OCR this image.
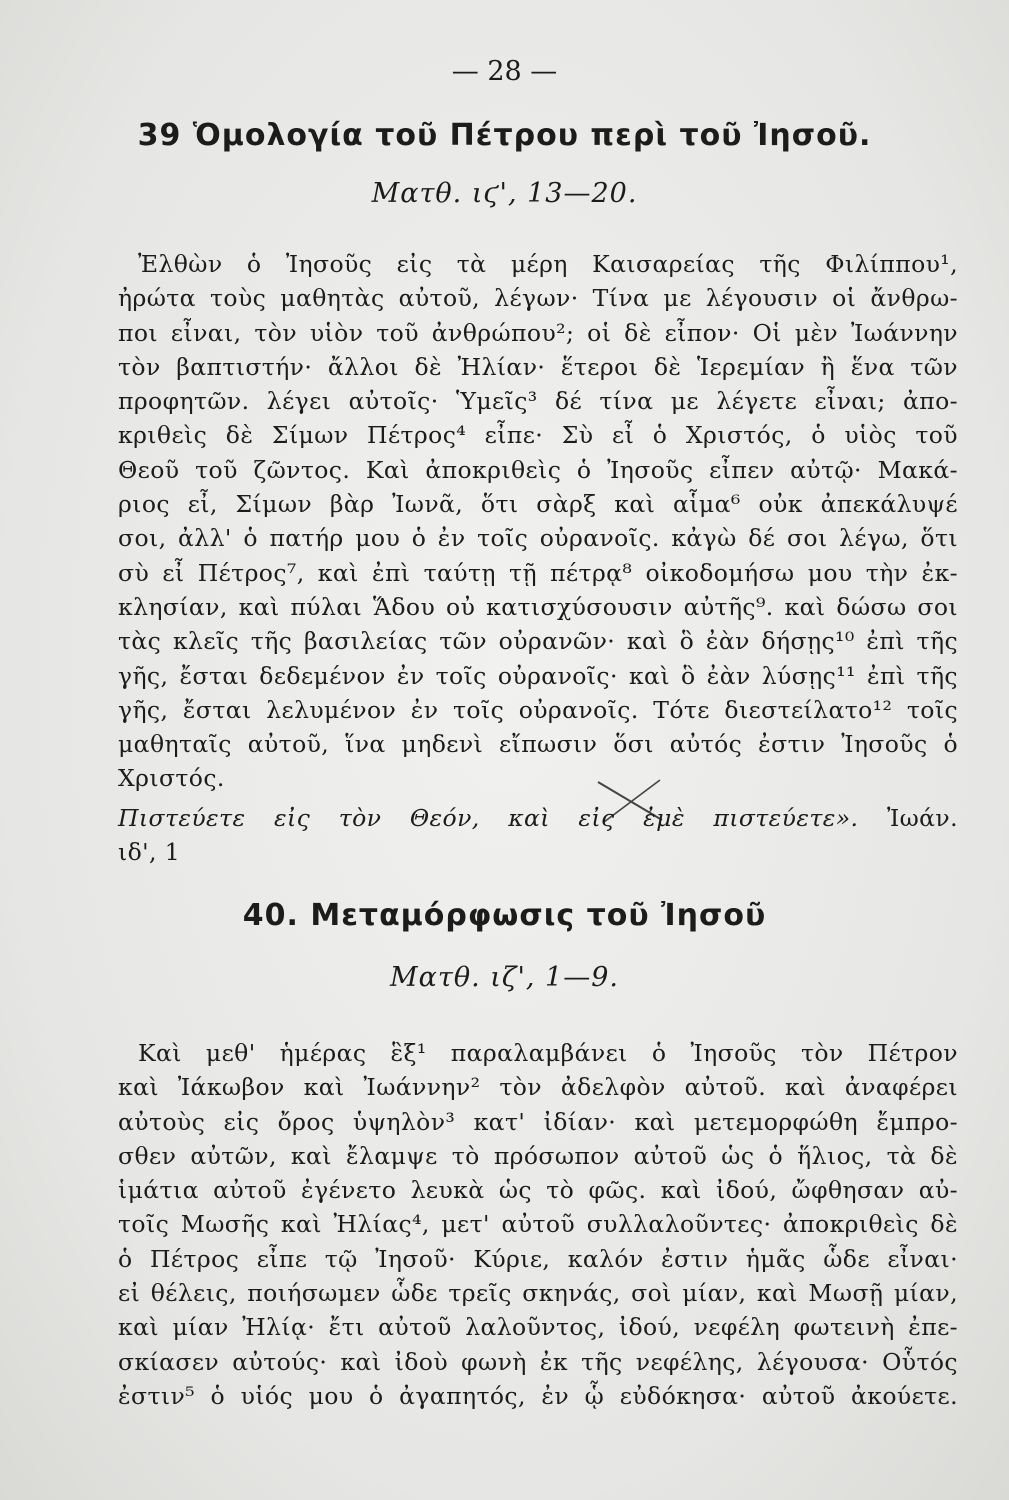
— 28 —
39 Ὁμολογία τοῦ Πέτρου περὶ τοῦ Ἰησοῦ.
Ματθ. ιϛ', 13—20.
Ἐλθὼν ὁ Ἰησοῦς εἰς τὰ μέρη Καισαρείας τῆς Φιλίππου¹,
ἠρώτα τοὺς μαθητὰς αὐτοῦ, λέγων· Τίνα με λέγουσιν οἱ ἄνθρω-
ποι εἶναι, τὸν υἱὸν τοῦ ἀνθρώπου²; οἱ δὲ εἶπον· Οἱ μὲν Ἰωάννην
τὸν βαπτιστήν· ἄλλοι δὲ Ἠλίαν· ἕτεροι δὲ Ἱερεμίαν ἢ ἕνα τῶν
προφητῶν. λέγει αὐτοῖς· Ὑμεῖς³ δέ τίνα με λέγετε εἶναι; ἀπο-
κριθεὶς δὲ Σίμων Πέτρος⁴ εἶπε· Σὺ εἶ ὁ Χριστός, ὁ υἱὸς τοῦ
Θεοῦ τοῦ ζῶντος. Καὶ ἀποκριθεὶς ὁ Ἰησοῦς εἶπεν αὐτῷ· Μακά-
ριος εἶ, Σίμων βὰρ Ἰωνᾶ, ὅτι σὰρξ καὶ αἷμα⁶ οὐκ ἀπεκάλυψέ
σοι, ἀλλ' ὁ πατήρ μου ὁ ἐν τοῖς οὐρανοῖς. κἀγὼ δέ σοι λέγω, ὅτι
σὺ εἶ Πέτρος⁷, καὶ ἐπὶ ταύτῃ τῇ πέτρᾳ⁸ οἰκοδομήσω μου τὴν ἐκ-
κλησίαν, καὶ πύλαι Ἅδου οὐ κατισχύσουσιν αὐτῆς⁹. καὶ δώσω σοι
τὰς κλεῖς τῆς βασιλείας τῶν οὐρανῶν· καὶ ὃ ἐὰν δήσῃς¹⁰ ἐπὶ τῆς
γῆς, ἔσται δεδεμένον ἐν τοῖς οὐρανοῖς· καὶ ὃ ἐὰν λύσῃς¹¹ ἐπὶ τῆς
γῆς, ἔσται λελυμένον ἐν τοῖς οὐρανοῖς. Τότε διεστείλατο¹² τοῖς
μαθηταῖς αὐτοῦ, ἵνα μηδενὶ εἴπωσιν ὅσι αὐτός ἐστιν Ἰησοῦς ὁ
Χριστός.
Πιστεύετε εἰς τὸν Θεόν, καὶ εἰς ἐμὲ πιστεύετε». Ἰωάν.
ιδ', 1
40. Μεταμόρφωσις τοῦ Ἰησοῦ
Ματθ. ιζ', 1—9.
Καὶ μεθ' ἡμέρας ἓξ¹ παραλαμβάνει ὁ Ἰησοῦς τὸν Πέτρον
καὶ Ἰάκωβον καὶ Ἰωάννην² τὸν ἀδελφὸν αὐτοῦ. καὶ ἀναφέρει
αὐτοὺς εἰς ὄρος ὑψηλὸν³ κατ' ἰδίαν· καὶ μετεμορφώθη ἔμπρο-
σθεν αὐτῶν, καὶ ἔλαμψε τὸ πρόσωπον αὐτοῦ ὡς ὁ ἥλιος, τὰ δὲ
ἱμάτια αὐτοῦ ἐγένετο λευκὰ ὡς τὸ φῶς. καὶ ἰδού, ὤφθησαν αὐ-
τοῖς Μωσῆς καὶ Ἠλίας⁴, μετ' αὐτοῦ συλλαλοῦντες· ἀποκριθεὶς δὲ
ὁ Πέτρος εἶπε τῷ Ἰησοῦ· Κύριε, καλόν ἐστιν ἡμᾶς ὧδε εἶναι·
εἰ θέλεις, ποιήσωμεν ὧδε τρεῖς σκηνάς, σοὶ μίαν, καὶ Μωσῇ μίαν,
καὶ μίαν Ἠλίᾳ· ἔτι αὐτοῦ λαλοῦντος, ἰδού, νεφέλη φωτεινὴ ἐπε-
σκίασεν αὐτούς· καὶ ἰδοὺ φωνὴ ἐκ τῆς νεφέλης, λέγουσα· Οὗτός
ἐστιν⁵ ὁ υἱός μου ὁ ἀγαπητός, ἐν ᾧ εὐδόκησα· αὐτοῦ ἀκούετε.
